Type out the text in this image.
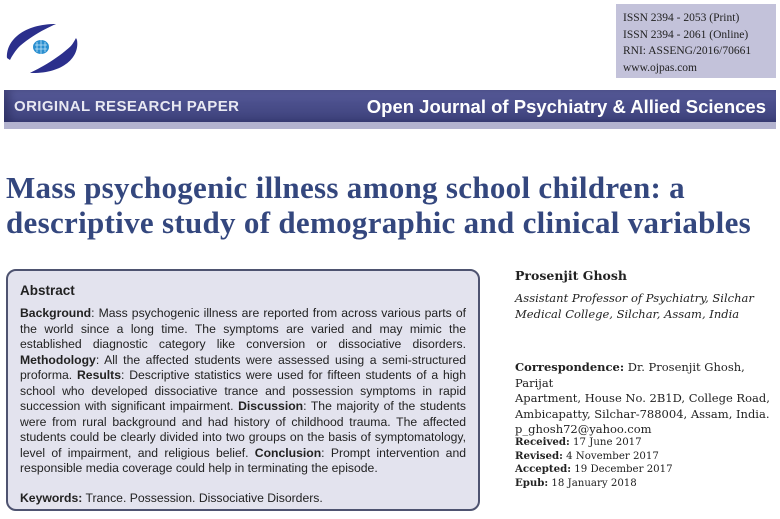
ISSN 2394 - 2053 (Print)
ISSN 2394 - 2061 (Online)
RNI: ASSENG/2016/70661
www.ojpas.com
ORIGINAL RESEARCH PAPER	Open Journal of Psychiatry & Allied Sciences
Mass psychogenic illness among school children: a
descriptive study of demographic and clinical variables
Abstract
Background: Mass psychogenic illness are reported from across various parts of the world since a long time. The symptoms are varied and may mimic the established diagnostic category like conversion or dissociative disorders. Methodology: All the affected students were assessed using a semi-structured proforma. Results: Descriptive statistics were used for fifteen students of a high school who developed dissociative trance and possession symptoms in rapid succession with significant impairment. Discussion: The majority of the students were from rural background and had history of childhood trauma. The affected students could be clearly divided into two groups on the basis of symptomatology, level of impairment, and religious belief. Conclusion: Prompt intervention and responsible media coverage could help in terminating the episode.
Keywords: Trance. Possession. Dissociative Disorders.
Prosenjit Ghosh
Assistant Professor of Psychiatry, Silchar
Medical College, Silchar, Assam, India
Correspondence: Dr. Prosenjit Ghosh, Parijat
Apartment, House No. 2B1D, College Road,
Ambicapatty, Silchar-788004, Assam, India.
p_ghosh72@yahoo.com
Received: 17 June 2017
Revised: 4 November 2017
Accepted: 19 December 2017
Epub: 18 January 2018
